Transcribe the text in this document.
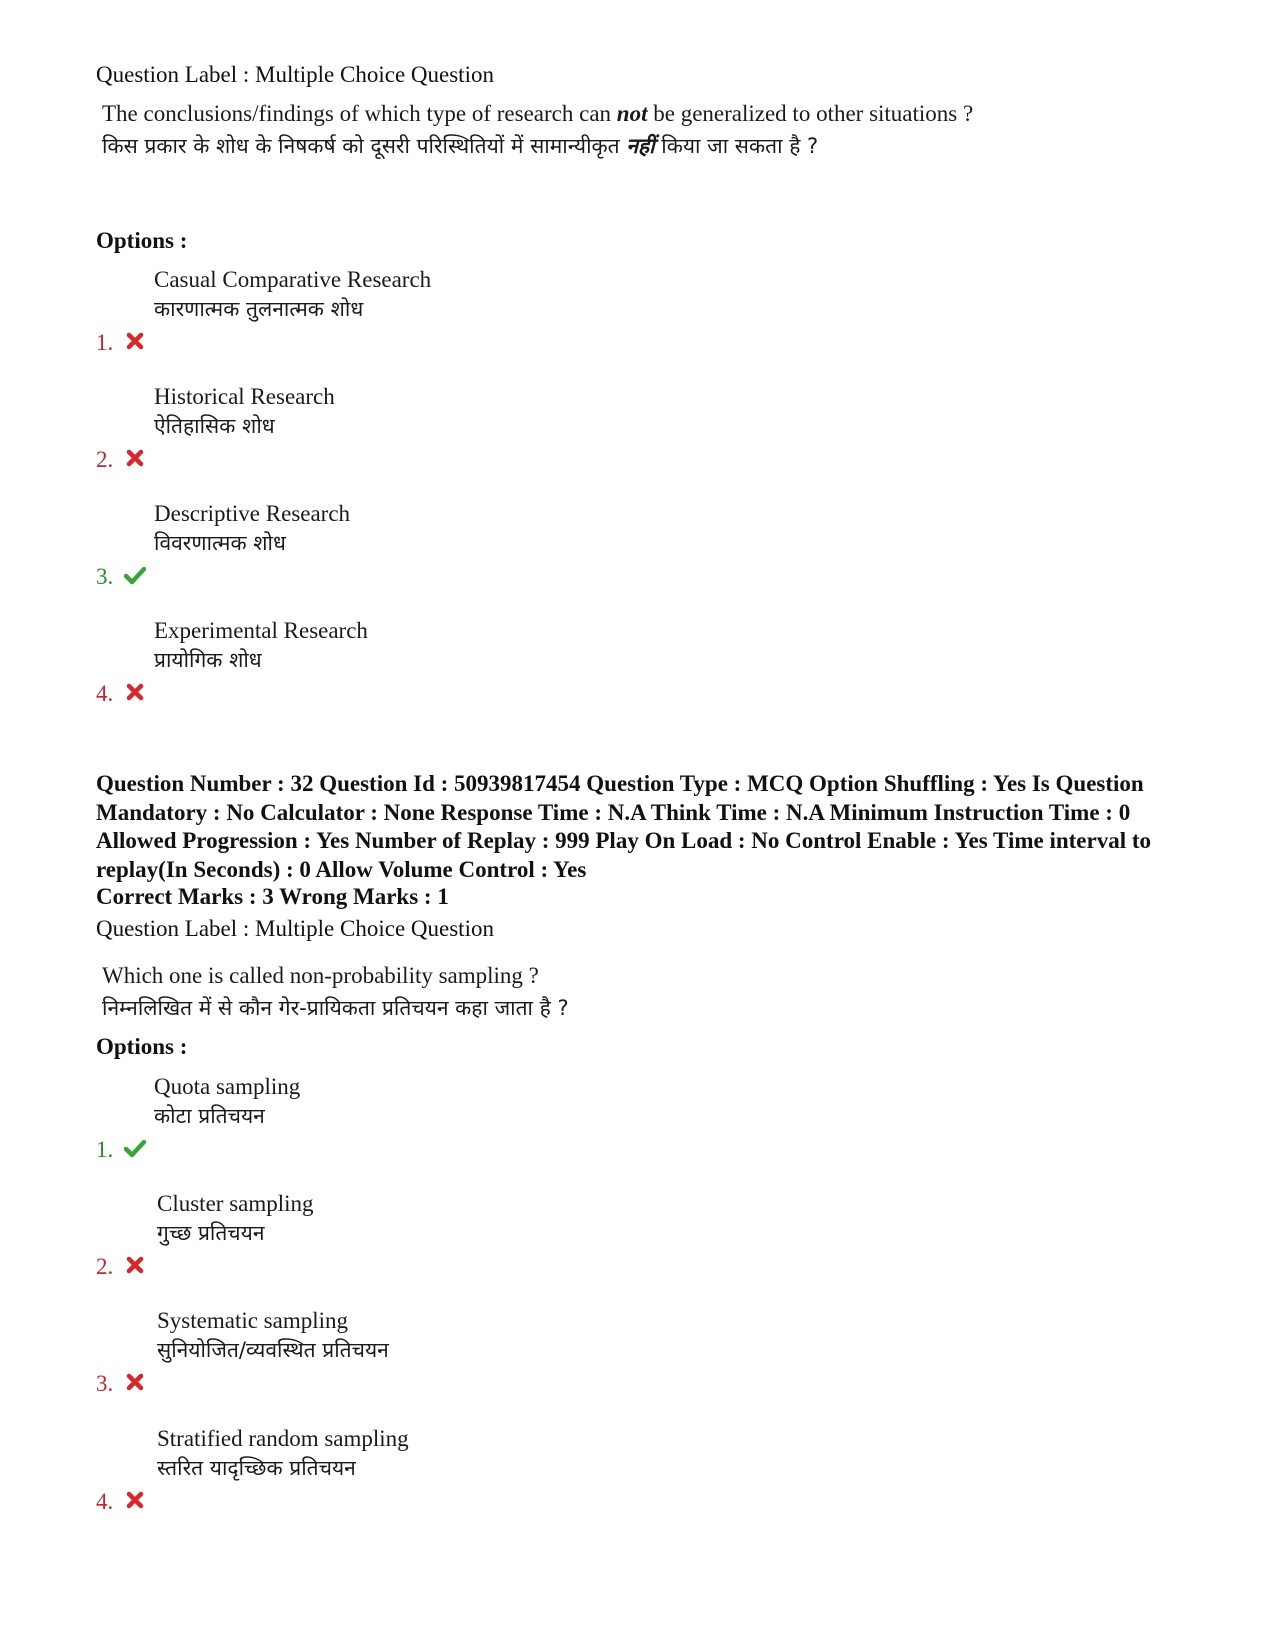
Question Label : Multiple Choice Question
The conclusions/findings of which type of research can not be generalized to other situations ?
किस प्रकार के शोध के निषकर्ष को दूसरी परिस्थितियों में सामान्यीकृत नहीं किया जा सकता है ?
Options :
Casual Comparative Research
कारणात्मक तुलनात्मक शोध
1.
Historical Research
ऐतिहासिक शोध
2.
Descriptive Research
विवरणात्मक शोध
3.
Experimental Research
प्रायोगिक शोध
4.
Question Number : 32 Question Id : 50939817454 Question Type : MCQ Option Shuffling : Yes Is Question Mandatory : No Calculator : None Response Time : N.A Think Time : N.A Minimum Instruction Time : 0 Allowed Progression : Yes Number of Replay : 999 Play On Load : No Control Enable : Yes Time interval to replay(In Seconds) : 0 Allow Volume Control : Yes
Correct Marks : 3 Wrong Marks : 1
Question Label : Multiple Choice Question
Which one is called non-probability sampling ?
निम्नलिखित में से कौन गेर-प्रायिकता प्रतिचयन कहा जाता है ?
Options :
Quota sampling
कोटा प्रतिचयन
1.
Cluster sampling
गुच्छ प्रतिचयन
2.
Systematic sampling
सुनियोजित/व्यवस्थित प्रतिचयन
3.
Stratified random sampling
स्तरित यादृच्छिक प्रतिचयन
4.
